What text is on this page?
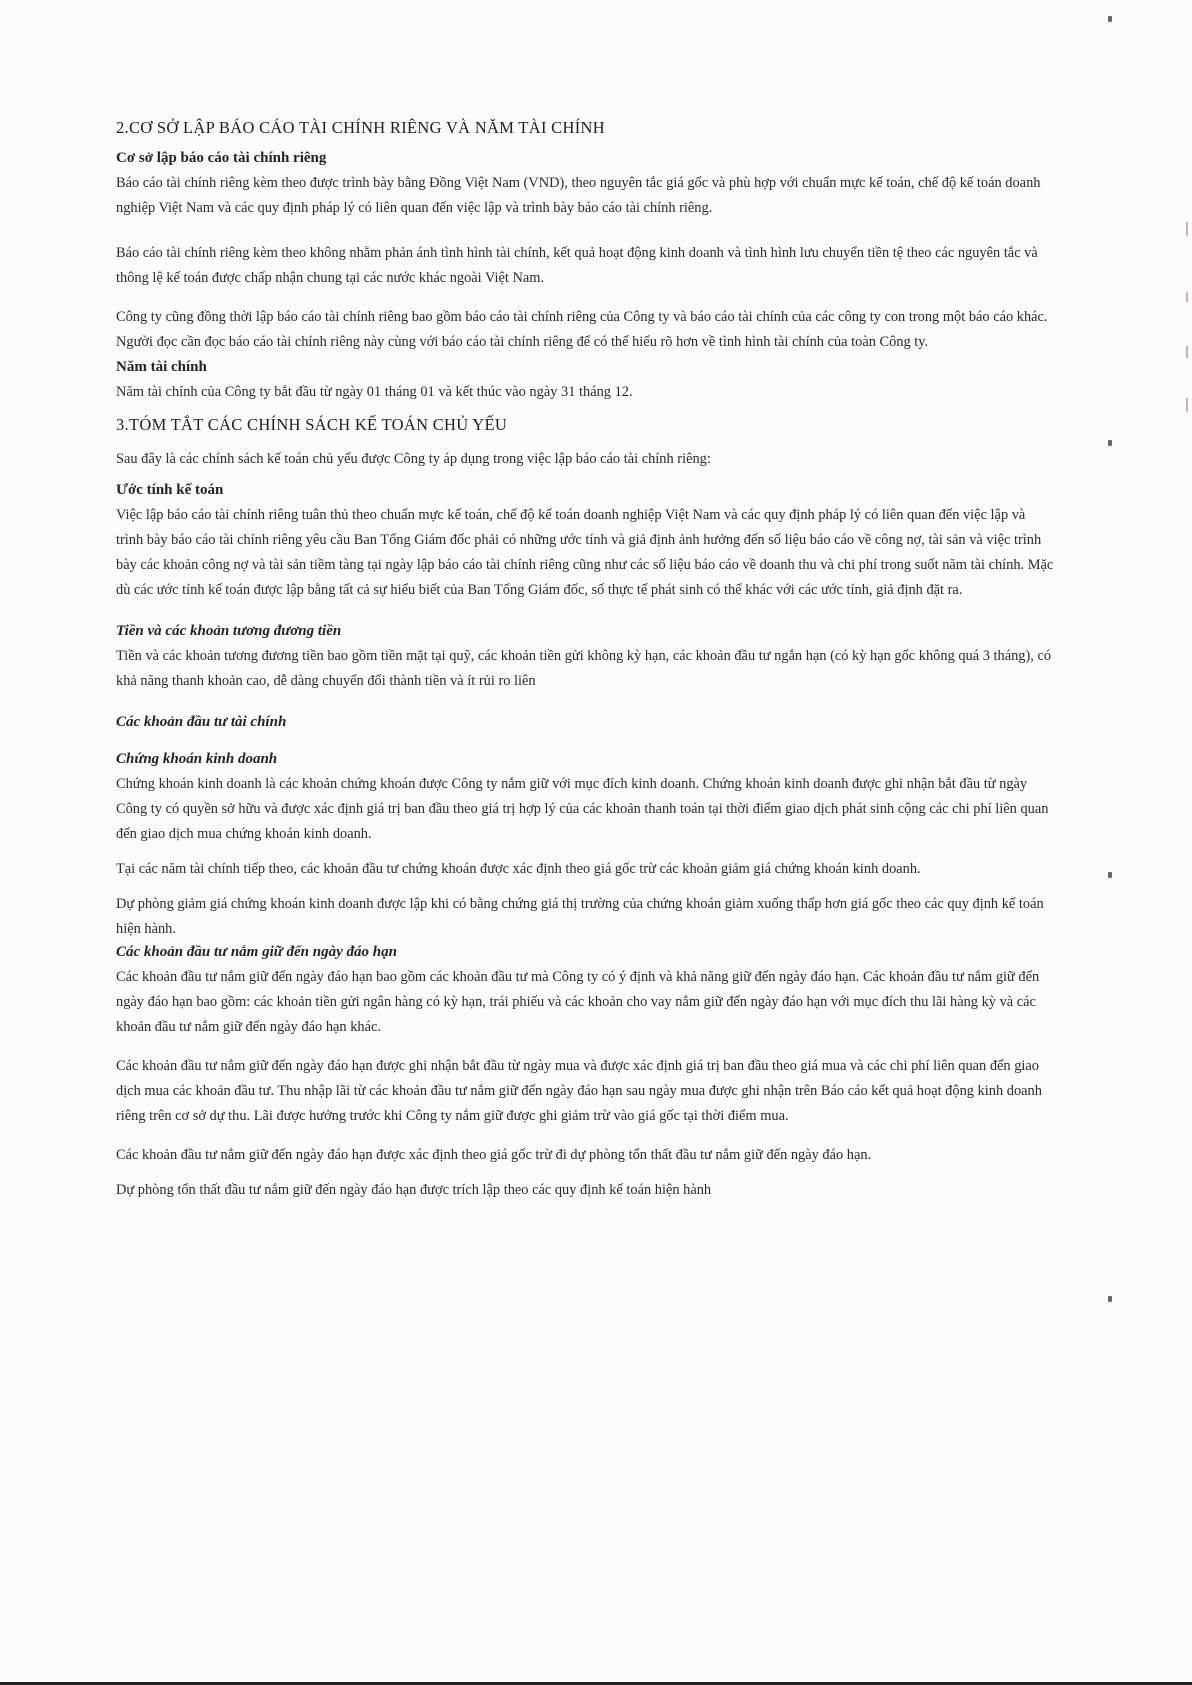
2.CƠ SỞ LẬP BÁO CÁO TÀI CHÍNH RIÊNG VÀ NĂM TÀI CHÍNH
Cơ sở lập báo cáo tài chính riêng

Báo cáo tài chính riêng kèm theo được trình bày bằng Đồng Việt Nam (VND), theo nguyên tắc giá gốc và phù hợp với chuẩn mực kế toán, chế độ kế toán doanh nghiệp Việt Nam và các quy định pháp lý có liên quan đến việc lập và trình bày báo cáo tài chính riêng.

Báo cáo tài chính riêng kèm theo không nhằm phản ánh tình hình tài chính, kết quả hoạt động kinh doanh và tình hình lưu chuyển tiền tệ theo các nguyên tắc và thông lệ kế toán được chấp nhận chung tại các nước khác ngoài Việt Nam.

Công ty cũng đồng thời lập báo cáo tài chính riêng bao gồm báo cáo tài chính riêng của Công ty và báo cáo tài chính của các công ty con trong một báo cáo khác. Người đọc cần đọc báo cáo tài chính riêng này cùng với báo cáo tài chính riêng để có thể hiểu rõ hơn về tình hình tài chính của toàn Công ty.

Năm tài chính

Năm tài chính của Công ty bắt đầu từ ngày 01 tháng 01 và kết thúc vào ngày 31 tháng 12.

3.TÓM TẮT CÁC CHÍNH SÁCH KẾ TOÁN CHỦ YẾU

Sau đây là các chính sách kế toán chủ yếu được Công ty áp dụng trong việc lập báo cáo tài chính riêng:

Ước tính kế toán

Việc lập báo cáo tài chính riêng tuân thủ theo chuẩn mực kế toán, chế độ kế toán doanh nghiệp Việt Nam và các quy định pháp lý có liên quan đến việc lập và trình bày báo cáo tài chính riêng yêu cầu Ban Tổng Giám đốc phải có những ước tính và giả định ảnh hưởng đến số liệu báo cáo về công nợ, tài sản và việc trình bày các khoản công nợ và tài sản tiềm tàng tại ngày lập báo cáo tài chính riêng cũng như các số liệu báo cáo về doanh thu và chi phí trong suốt năm tài chính. Mặc dù các ước tính kế toán được lập bằng tất cả sự hiểu biết của Ban Tổng Giám đốc, số thực tế phát sinh có thể khác với các ước tính, giả định đặt ra.

Tiền và các khoản tương đương tiền

Tiền và các khoản tương đương tiền bao gồm tiền mặt tại quỹ, các khoản tiền gửi không kỳ hạn, các khoản đầu tư ngắn hạn (có kỳ hạn gốc không quá 3 tháng), có khả năng thanh khoản cao, dễ dàng chuyển đổi thành tiền và ít rủi ro liên

Các khoản đầu tư tài chính
Chứng khoán kinh doanh

Chứng khoán kinh doanh là các khoản chứng khoán được Công ty nắm giữ với mục đích kinh doanh. Chứng khoán kinh doanh được ghi nhận bắt đầu từ ngày Công ty có quyền sở hữu và được xác định giá trị ban đầu theo giá trị hợp lý của các khoản thanh toán tại thời điểm giao dịch phát sinh cộng các chi phí liên quan đến giao dịch mua chứng khoán kinh doanh.

Tại các năm tài chính tiếp theo, các khoản đầu tư chứng khoán được xác định theo giá gốc trừ các khoản giảm giá chứng khoán kinh doanh.

Dự phòng giảm giá chứng khoán kinh doanh được lập khi có bằng chứng giá thị trường của chứng khoán giảm xuống thấp hơn giá gốc theo các quy định kế toán hiện hành.

Các khoản đầu tư nắm giữ đến ngày đáo hạn

Các khoản đầu tư nắm giữ đến ngày đáo hạn bao gồm các khoản đầu tư mà Công ty có ý định và khả năng giữ đến ngày đáo hạn. Các khoản đầu tư nắm giữ đến ngày đáo hạn bao gồm: các khoản tiền gửi ngân hàng có kỳ hạn, trái phiếu và các khoản cho vay nắm giữ đến ngày đáo hạn với mục đích thu lãi hàng kỳ và các khoản đầu tư nắm giữ đến ngày đáo hạn khác.

Các khoản đầu tư nắm giữ đến ngày đáo hạn được ghi nhận bắt đầu từ ngày mua và được xác định giá trị ban đầu theo giá mua và các chi phí liên quan đến giao dịch mua các khoản đầu tư. Thu nhập lãi từ các khoản đầu tư nắm giữ đến ngày đáo hạn sau ngày mua được ghi nhận trên Báo cáo kết quả hoạt động kinh doanh riêng trên cơ sở dự thu. Lãi được hưởng trước khi Công ty nắm giữ được ghi giảm trừ vào giá gốc tại thời điểm mua.

Các khoản đầu tư nắm giữ đến ngày đáo hạn được xác định theo giá gốc trừ đi dự phòng tổn thất đầu tư nắm giữ đến ngày đáo hạn.

Dự phòng tổn thất đầu tư nắm giữ đến ngày đáo hạn được trích lập theo các quy định kế toán hiện hành
